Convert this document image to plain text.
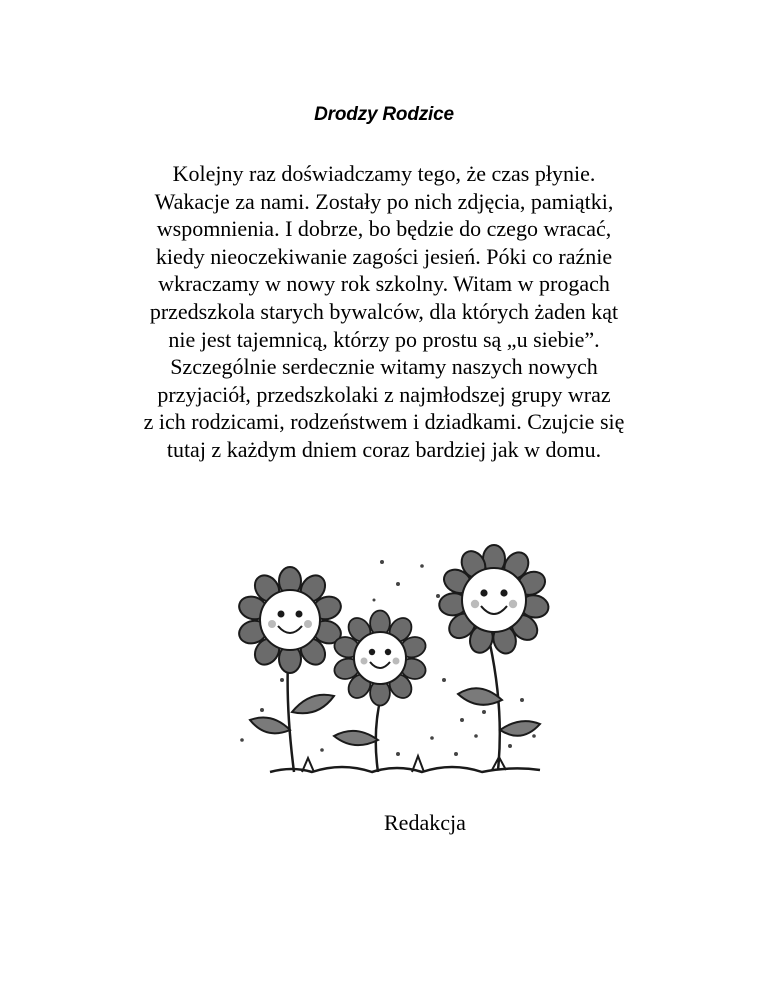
Drodzy Rodzice
Kolejny raz doświadczamy tego, że czas płynie.
Wakacje za nami. Zostały po nich zdjęcia, pamiątki,
wspomnienia. I dobrze, bo będzie do czego wracać,
kiedy nieoczekiwanie zagości jesień. Póki co raźnie
wkraczamy w nowy rok szkolny. Witam w progach
przedszkola starych bywalców, dla których żaden kąt
nie jest tajemnicą, którzy po prostu są „u siebie”.
Szczególnie serdecznie witamy naszych nowych
przyjaciół, przedszkolaki z najmłodszej grupy wraz
z ich rodzicami, rodzeństwem i dziadkami. Czujcie się
tutaj z każdym dniem coraz bardziej jak w domu.
Redakcja
